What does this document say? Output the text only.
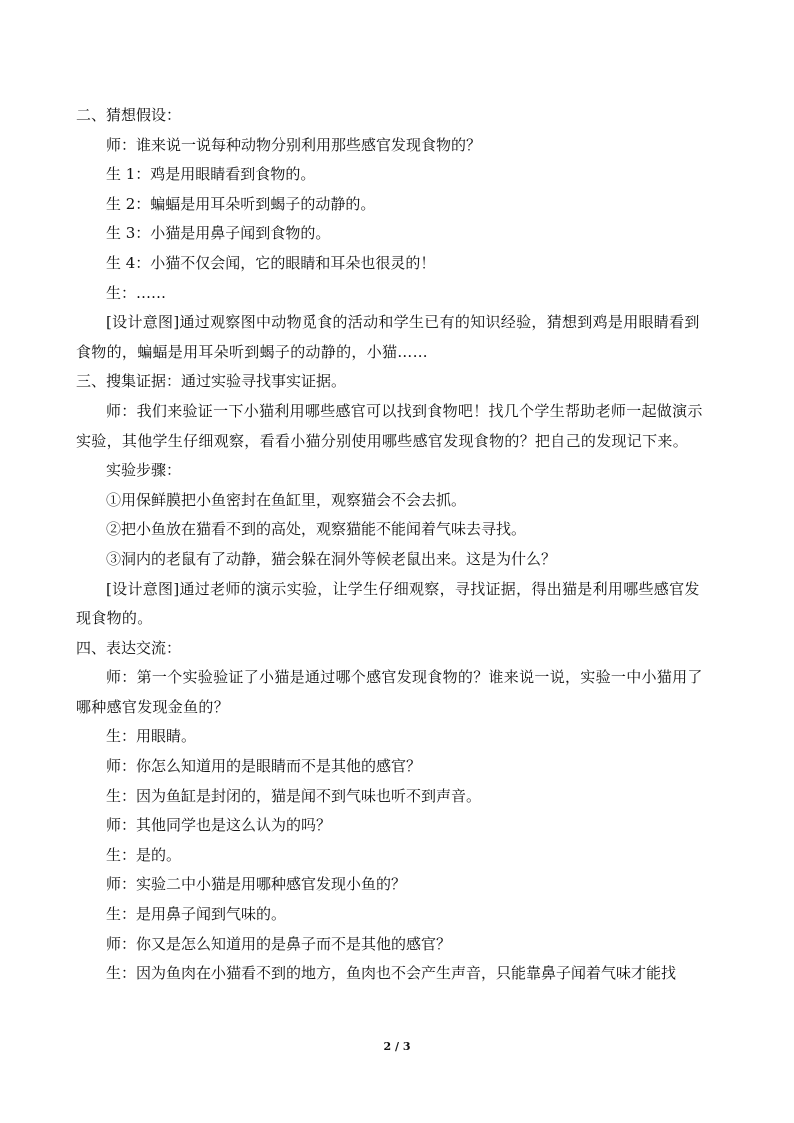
二、猜想假设：

师：谁来说一说每种动物分别利用那些感官发现食物的？

生 1：鸡是用眼睛看到食物的。

生 2：蝙蝠是用耳朵听到蝎子的动静的。

生 3：小猫是用鼻子闻到食物的。

生 4：小猫不仅会闻，它的眼睛和耳朵也很灵的！

生：……

[设计意图]通过观察图中动物觅食的活动和学生已有的知识经验，猜想到鸡是用眼睛看到食物的，蝙蝠是用耳朵听到蝎子的动静的，小猫……

三、搜集证据：通过实验寻找事实证据。

师：我们来验证一下小猫利用哪些感官可以找到食物吧！找几个学生帮助老师一起做演示实验，其他学生仔细观察，看看小猫分别使用哪些感官发现食物的？把自己的发现记下来。

实验步骤：

①用保鲜膜把小鱼密封在鱼缸里，观察猫会不会去抓。

②把小鱼放在猫看不到的高处，观察猫能不能闻着气味去寻找。

③洞内的老鼠有了动静，猫会躲在洞外等候老鼠出来。这是为什么？

[设计意图]通过老师的演示实验，让学生仔细观察，寻找证据，得出猫是利用哪些感官发现食物的。

四、表达交流：

师：第一个实验验证了小猫是通过哪个感官发现食物的？谁来说一说，实验一中小猫用了哪种感官发现金鱼的？

生：用眼睛。

师：你怎么知道用的是眼睛而不是其他的感官？

生：因为鱼缸是封闭的，猫是闻不到气味也听不到声音。

师：其他同学也是这么认为的吗？

生：是的。

师：实验二中小猫是用哪种感官发现小鱼的？

生：是用鼻子闻到气味的。

师：你又是怎么知道用的是鼻子而不是其他的感官？

生：因为鱼肉在小猫看不到的地方，鱼肉也不会产生声音，只能靠鼻子闻着气味才能找

2 / 3
